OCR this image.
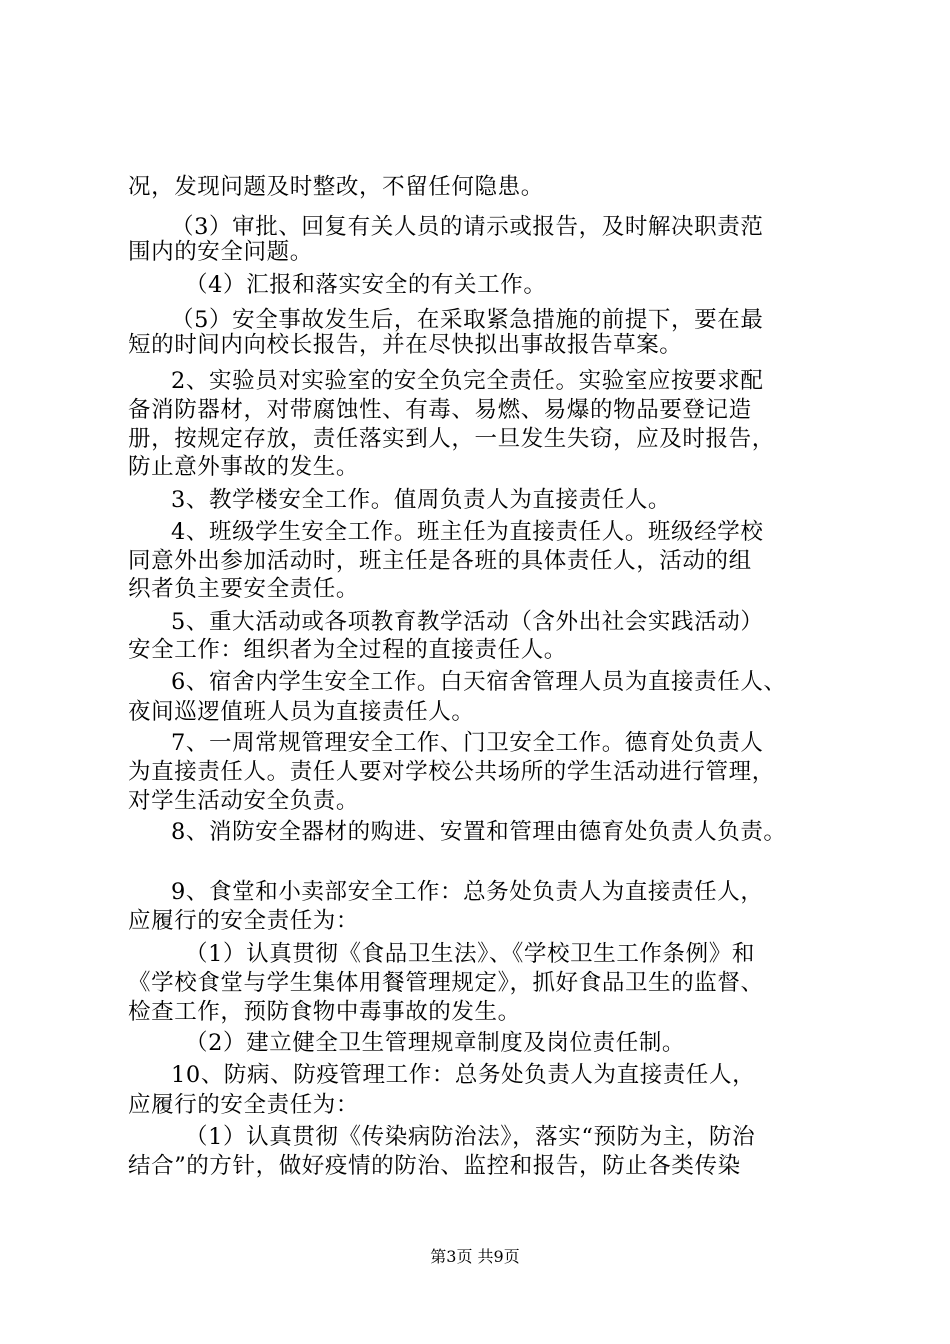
况，发现问题及时整改，不留任何隐患。
（3）审批、回复有关人员的请示或报告，及时解决职责范
围内的安全问题。
（4）汇报和落实安全的有关工作。
（5）安全事故发生后，在采取紧急措施的前提下，要在最
短的时间内向校长报告，并在尽快拟出事故报告草案。
2、实验员对实验室的安全负完全责任。实验室应按要求配
备消防器材，对带腐蚀性、有毒、易燃、易爆的物品要登记造
册，按规定存放，责任落实到人，一旦发生失窃，应及时报告，
防止意外事故的发生。
3、教学楼安全工作。值周负责人为直接责任人。
4、班级学生安全工作。班主任为直接责任人。班级经学校
同意外出参加活动时，班主任是各班的具体责任人，活动的组
织者负主要安全责任。
5、重大活动或各项教育教学活动（含外出社会实践活动）
安全工作：组织者为全过程的直接责任人。
6、宿舍内学生安全工作。白天宿舍管理人员为直接责任人、
夜间巡逻值班人员为直接责任人。
7、一周常规管理安全工作、门卫安全工作。德育处负责人
为直接责任人。责任人要对学校公共场所的学生活动进行管理，
对学生活动安全负责。
8、消防安全器材的购进、安置和管理由德育处负责人负责。
9、食堂和小卖部安全工作：总务处负责人为直接责任人，
应履行的安全责任为：
（1）认真贯彻《食品卫生法》、《学校卫生工作条例》和
《学校食堂与学生集体用餐管理规定》，抓好食品卫生的监督、
检查工作，预防食物中毒事故的发生。
（2）建立健全卫生管理规章制度及岗位责任制。
10、防病、防疫管理工作：总务处负责人为直接责任人，
应履行的安全责任为：
（1）认真贯彻《传染病防治法》，落实“预防为主，防治
结合”的方针，做好疫情的防治、监控和报告，防止各类传染
第3页 共9页
